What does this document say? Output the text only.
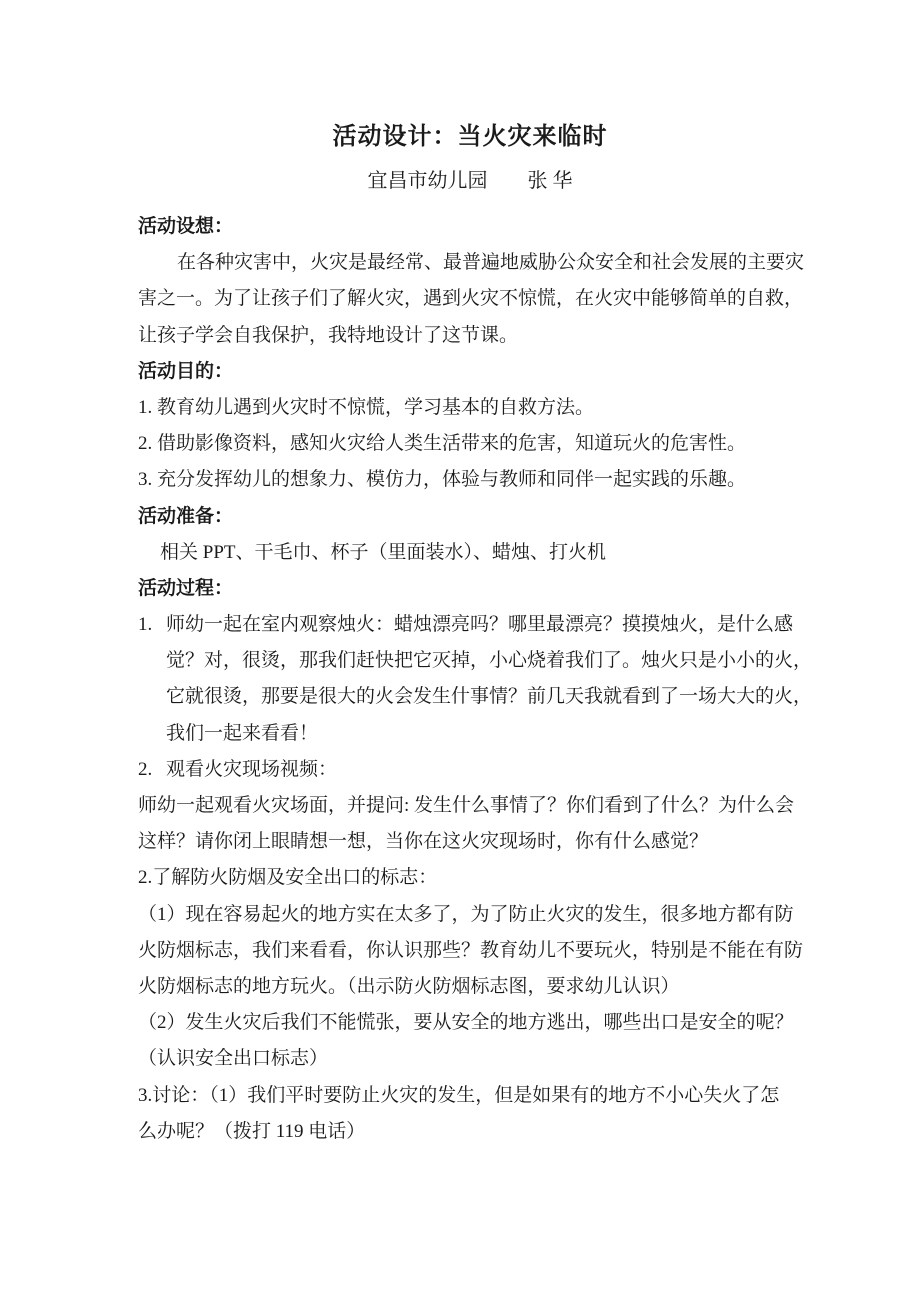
活动设计：当火灾来临时
宜昌市幼儿园　　张 华
活动设想：
在各种灾害中，火灾是最经常、最普遍地威胁公众安全和社会发展的主要灾
害之一。为了让孩子们了解火灾，遇到火灾不惊慌，在火灾中能够简单的自救，
让孩子学会自我保护，我特地设计了这节课。
活动目的：
1. 教育幼儿遇到火灾时不惊慌，学习基本的自救方法。
2. 借助影像资料，感知火灾给人类生活带来的危害，知道玩火的危害性。
3. 充分发挥幼儿的想象力、模仿力，体验与教师和同伴一起实践的乐趣。
活动准备：
相关 PPT、干毛巾、杯子（里面装水）、蜡烛、打火机
活动过程：
1. 师幼一起在室内观察烛火：蜡烛漂亮吗？哪里最漂亮？摸摸烛火，是什么感
觉？对，很烫，那我们赶快把它灭掉，小心烧着我们了。烛火只是小小的火，
它就很烫，那要是很大的火会发生什事情？前几天我就看到了一场大大的火，
我们一起来看看！
2. 观看火灾现场视频：
师幼一起观看火灾场面，并提问: 发生什么事情了？你们看到了什么？为什么会
这样？请你闭上眼睛想一想，当你在这火灾现场时，你有什么感觉？
2.了解防火防烟及安全出口的标志：
（1）现在容易起火的地方实在太多了，为了防止火灾的发生，很多地方都有防
火防烟标志，我们来看看，你认识那些？教育幼儿不要玩火，特别是不能在有防
火防烟标志的地方玩火。（出示防火防烟标志图，要求幼儿认识）
（2）发生火灾后我们不能慌张，要从安全的地方逃出，哪些出口是安全的呢？
（认识安全出口标志）
3.讨论：（1）我们平时要防止火灾的发生，但是如果有的地方不小心失火了怎
么办呢？（拨打 119 电话）
